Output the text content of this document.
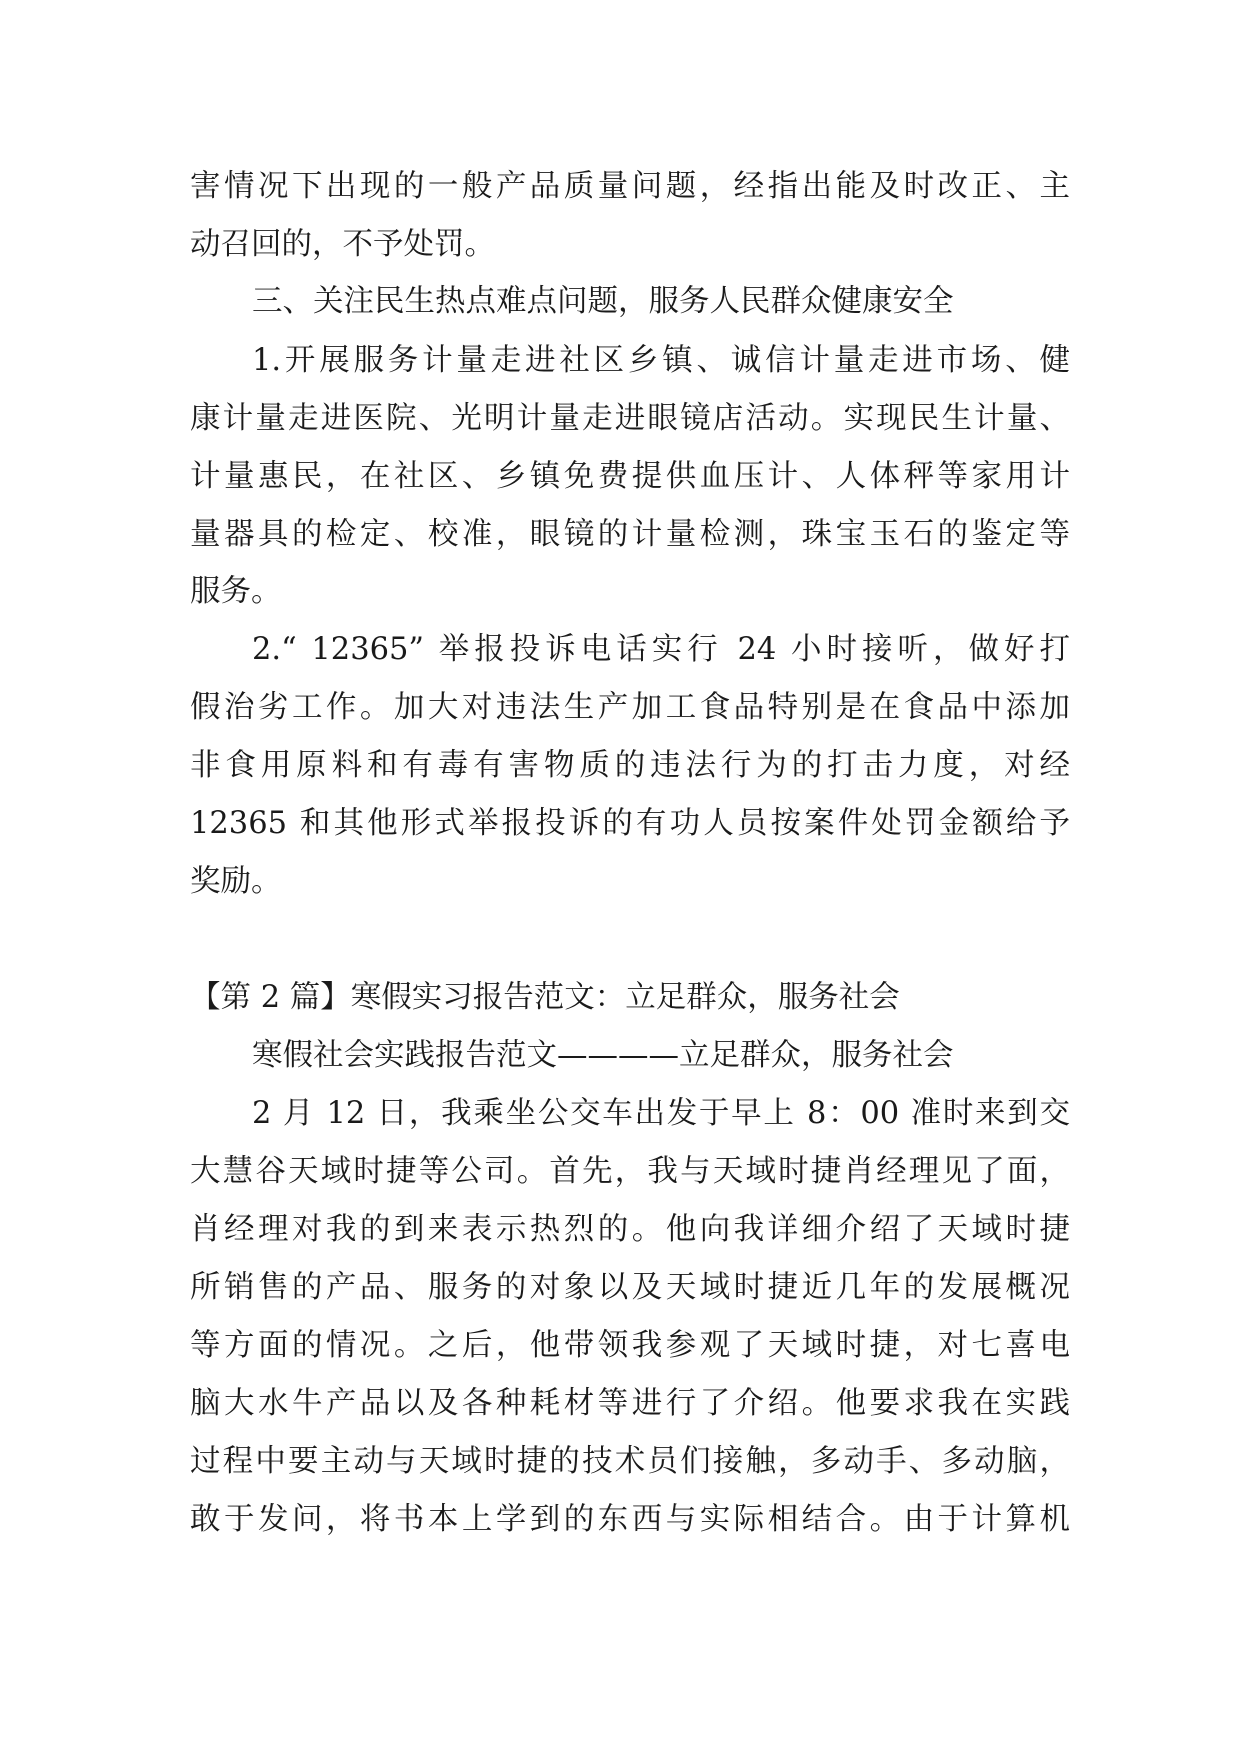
害情况下出现的一般产品质量问题，经指出能及时改正、主
动召回的，不予处罚。
三、关注民生热点难点问题，服务人民群众健康安全
1.开展服务计量走进社区乡镇、诚信计量走进市场、健
康计量走进医院、光明计量走进眼镜店活动。实现民生计量、
计量惠民，在社区、乡镇免费提供血压计、人体秤等家用计
量器具的检定、校准，眼镜的计量检测，珠宝玉石的鉴定等
服务。
2.“ 12365” 举报投诉电话实行 24 小时接听，做好打
假治劣工作。加大对违法生产加工食品特别是在食品中添加
非食用原料和有毒有害物质的违法行为的打击力度，对经
12365 和其他形式举报投诉的有功人员按案件处罚金额给予
奖励。
【第 2 篇】寒假实习报告范文：立足群众，服务社会
寒假社会实践报告范文————立足群众，服务社会
2 月 12 日，我乘坐公交车出发于早上 8：00 准时来到交
大慧谷天域时捷等公司。首先，我与天域时捷肖经理见了面，
肖经理对我的到来表示热烈的。他向我详细介绍了天域时捷
所销售的产品、服务的对象以及天域时捷近几年的发展概况
等方面的情况。之后，他带领我参观了天域时捷，对七喜电
脑大水牛产品以及各种耗材等进行了介绍。他要求我在实践
过程中要主动与天域时捷的技术员们接触，多动手、多动脑，
敢于发问，将书本上学到的东西与实际相结合。由于计算机
